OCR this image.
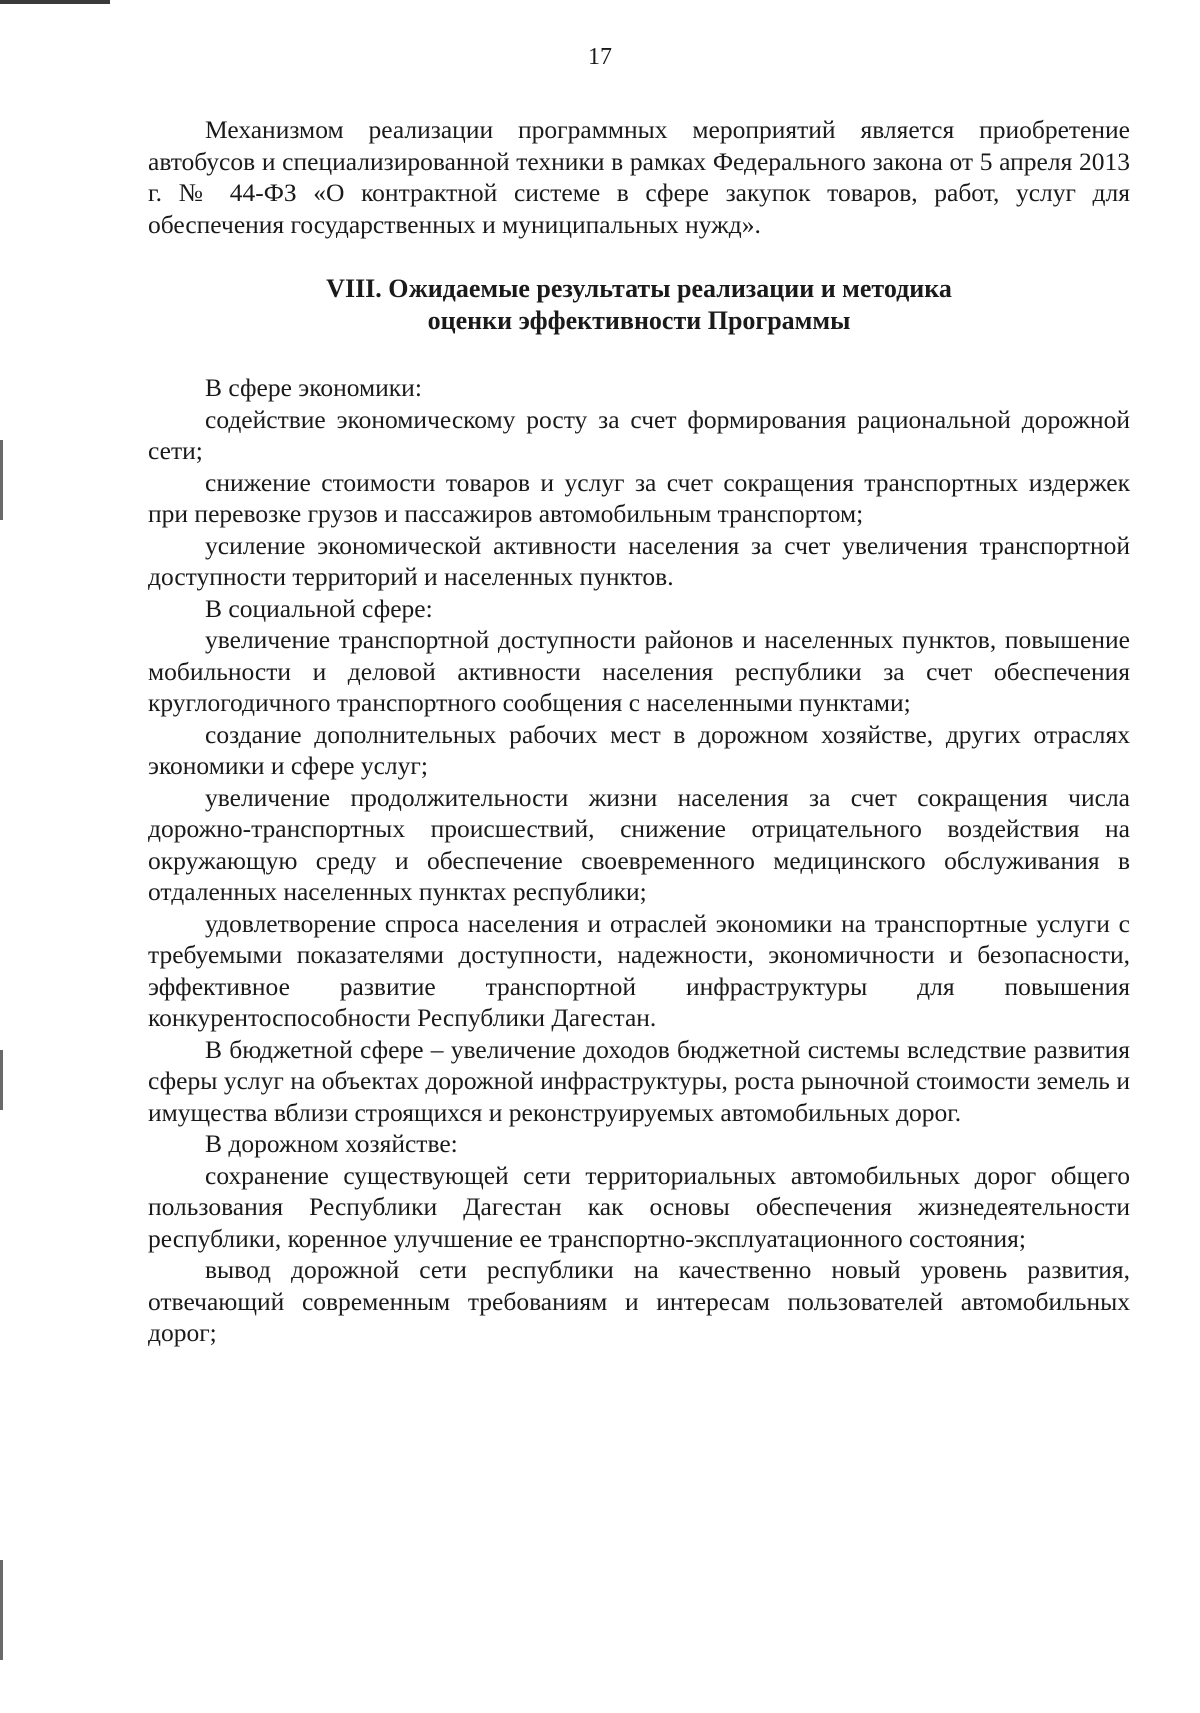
17

Механизмом реализации программных мероприятий является приобретение автобусов и специализированной техники в рамках Федерального закона от 5 апреля 2013 г. № 44-ФЗ «О контрактной системе в сфере закупок товаров, работ, услуг для обеспечения государственных и муниципальных нужд».

VIII. Ожидаемые результаты реализации и методика
оценки эффективности Программы

В сфере экономики:

содействие экономическому росту за счет формирования рациональной дорожной сети;

снижение стоимости товаров и услуг за счет сокращения транспортных издержек при перевозке грузов и пассажиров автомобильным транспортом;

усиление экономической активности населения за счет увеличения транспортной доступности территорий и населенных пунктов.

В социальной сфере:

увеличение транспортной доступности районов и населенных пунктов, повышение мобильности и деловой активности населения республики за счет обеспечения круглогодичного транспортного сообщения с населенными пунктами;

создание дополнительных рабочих мест в дорожном хозяйстве, других отраслях экономики и сфере услуг;

увеличение продолжительности жизни населения за счет сокращения числа дорожно-транспортных происшествий, снижение отрицательного воздействия на окружающую среду и обеспечение своевременного медицинского обслуживания в отдаленных населенных пунктах республики;

удовлетворение спроса населения и отраслей экономики на транспортные услуги с требуемыми показателями доступности, надежности, экономичности и безопасности, эффективное развитие транспортной инфраструктуры для повышения конкурентоспособности Республики Дагестан.

В бюджетной сфере – увеличение доходов бюджетной системы вследствие развития сферы услуг на объектах дорожной инфраструктуры, роста рыночной стоимости земель и имущества вблизи строящихся и реконструируемых автомобильных дорог.

В дорожном хозяйстве:

сохранение существующей сети территориальных автомобильных дорог общего пользования Республики Дагестан как основы обеспечения жизнедеятельности республики, коренное улучшение ее транспортно-эксплуатационного состояния;

вывод дорожной сети республики на качественно новый уровень развития, отвечающий современным требованиям и интересам пользователей автомобильных дорог;
